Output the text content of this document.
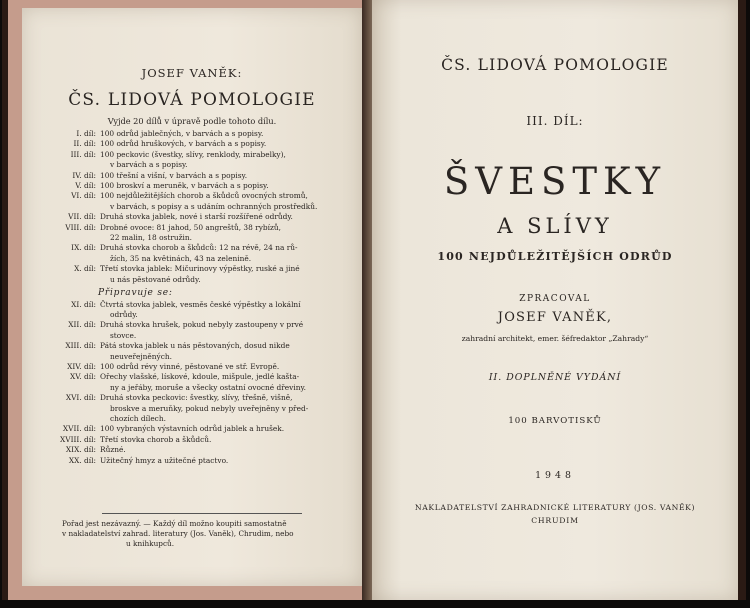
JOSEF VANĚK:
ČS. LIDOVÁ POMOLOGIE
Vyjde 20 dílů v úpravě podle tohoto dílu.
I. díl: 100 odrůd jablečných, v barvách a s popisy.
II. díl: 100 odrůd hruškových, v barvách a s popisy.
III. díl: 100 peckovic (švestky, slívy, renklody, mirabelky),
v barvách a s popisy.
IV. díl: 100 třešní a višní, v barvách a s popisy.
V. díl: 100 broskví a meruněk, v barvách a s popisy.
VI. díl: 100 nejdůležitějších chorob a škůdců ovocných stromů,
v barvách, s popisy a s udáním ochranných prostředků.
VII. díl: Druhá stovka jablek, nové i starší rozšířené odrůdy.
VIII. díl: Drobné ovoce: 81 jahod, 50 angreštů, 38 rybízů,
22 malin, 18 ostružin.
IX. díl: Druhá stovka chorob a škůdců: 12 na révě, 24 na rů-
žích, 35 na květinách, 43 na zelenině.
X. díl: Třetí stovka jablek: Mičurinovy výpěstky, ruské a jiné
u nás pěstované odrůdy.
Připravuje se:
XI. díl: Čtvrtá stovka jablek, vesměs české výpěstky a lokální
odrůdy.
XII. díl: Druhá stovka hrušek, pokud nebyly zastoupeny v prvé
stovce.
XIII. díl: Pátá stovka jablek u nás pěstovaných, dosud nikde
neuveřejněných.
XIV. díl: 100 odrůd révy vinné, pěstované ve stř. Evropě.
XV. díl: Ořechy vlašské, lískové, kdoule, mišpule, jedlé kašta-
ny a jeřáby, moruše a všecky ostatní ovocné dřeviny.
XVI. díl: Druhá stovka peckovic: švestky, slívy, třešně, višně,
broskve a meruňky, pokud nebyly uveřejněny v před-
chozích dílech.
XVII. díl: 100 vybraných výstavních odrůd jablek a hrušek.
XVIII. díl: Třetí stovka chorob a škůdců.
XIX. díl: Různé.
XX. díl: Užitečný hmyz a užitečné ptactvo.
Pořad jest nezávazný. — Každý díl možno koupiti samostatně
v nakladatelství zahrad. literatury (Jos. Vaněk), Chrudim, nebo
u knihkupců.
ČS. LIDOVÁ POMOLOGIE
III. DÍL:
ŠVESTKY
A SLÍVY
100 NEJDŮLEŽITĚJŠÍCH ODRŮD
ZPRACOVAL
JOSEF VANĚK,
zahradní architekt, emer. šéfredaktor „Zahrady“
II. DOPLNĚNÉ VYDÁNÍ
100 BARVOTISKŮ
1948
NAKLADATELSTVÍ ZAHRADNICKÉ LITERATURY (JOS. VANĚK)
CHRUDIM
